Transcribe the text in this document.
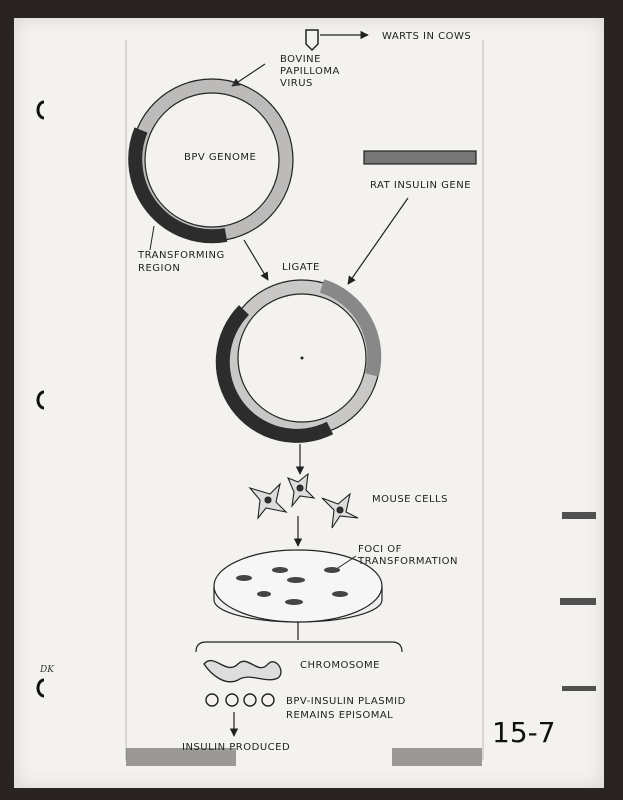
WARTS IN COWS
BOVINE
PAPILLOMA
VIRUS
BPV GENOME
TRANSFORMING
REGION
RAT INSULIN GENE
LIGATE
MOUSE CELLS
FOCI OF
TRANSFORMATION
CHROMOSOME
BPV-INSULIN PLASMID
REMAINS EPISOMAL
INSULIN PRODUCED	15-7
DK
